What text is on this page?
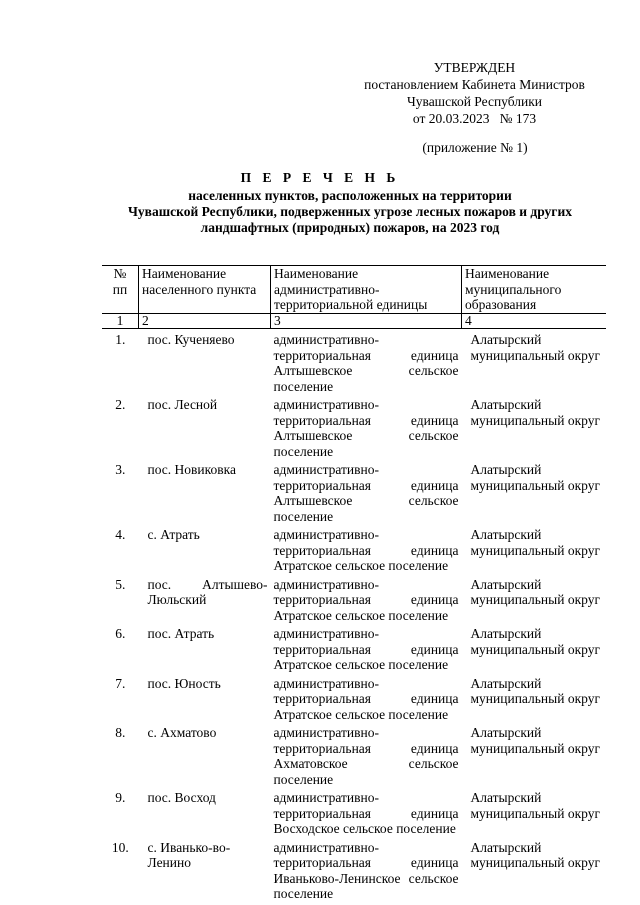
УТВЕРЖДЕН
постановлением Кабинета Министров
Чувашской Республики
от 20.03.2023   № 173
(приложение № 1)
П Е Р Е Ч Е Н Ь
населенных пунктов, расположенных на территории
Чувашской Республики, подверженных угрозе лесных пожаров и других
ландшафтных (природных) пожаров, на 2023 год
№ пп	Наименование населенного пункта	Наименование административно-территориальной единицы	Наименование муниципального образования
1	2	3	4
1.	пос. Кученяево	административно-территориальная единица Алтышевское сельское поселение	Алатырский муниципальный округ
2.	пос. Лесной	административно-территориальная единица Алтышевское сельское поселение	Алатырский муниципальный округ
3.	пос. Новиковка	административно-территориальная единица Алтышевское сельское поселение	Алатырский муниципальный округ
4.	с. Атрать	административно-территориальная единица Атратское сельское поселение	Алатырский муниципальный округ
5.	пос. Алтышево-Люльский	административно-территориальная единица Атратское сельское поселение	Алатырский муниципальный округ
6.	пос. Атрать	административно-территориальная единица Атратское сельское поселение	Алатырский муниципальный округ
7.	пос. Юность	административно-территориальная единица Атратское сельское поселение	Алатырский муниципальный округ
8.	с. Ахматово	административно-территориальная единица Ахматовское сельское поселение	Алатырский муниципальный округ
9.	пос. Восход	административно-территориальная единица Восходское сельское поселение	Алатырский муниципальный округ
10.	с. Иванько-во-Ленино	административно-территориальная единица Иваньково-Ленинское сельское поселение	Алатырский муниципальный округ
